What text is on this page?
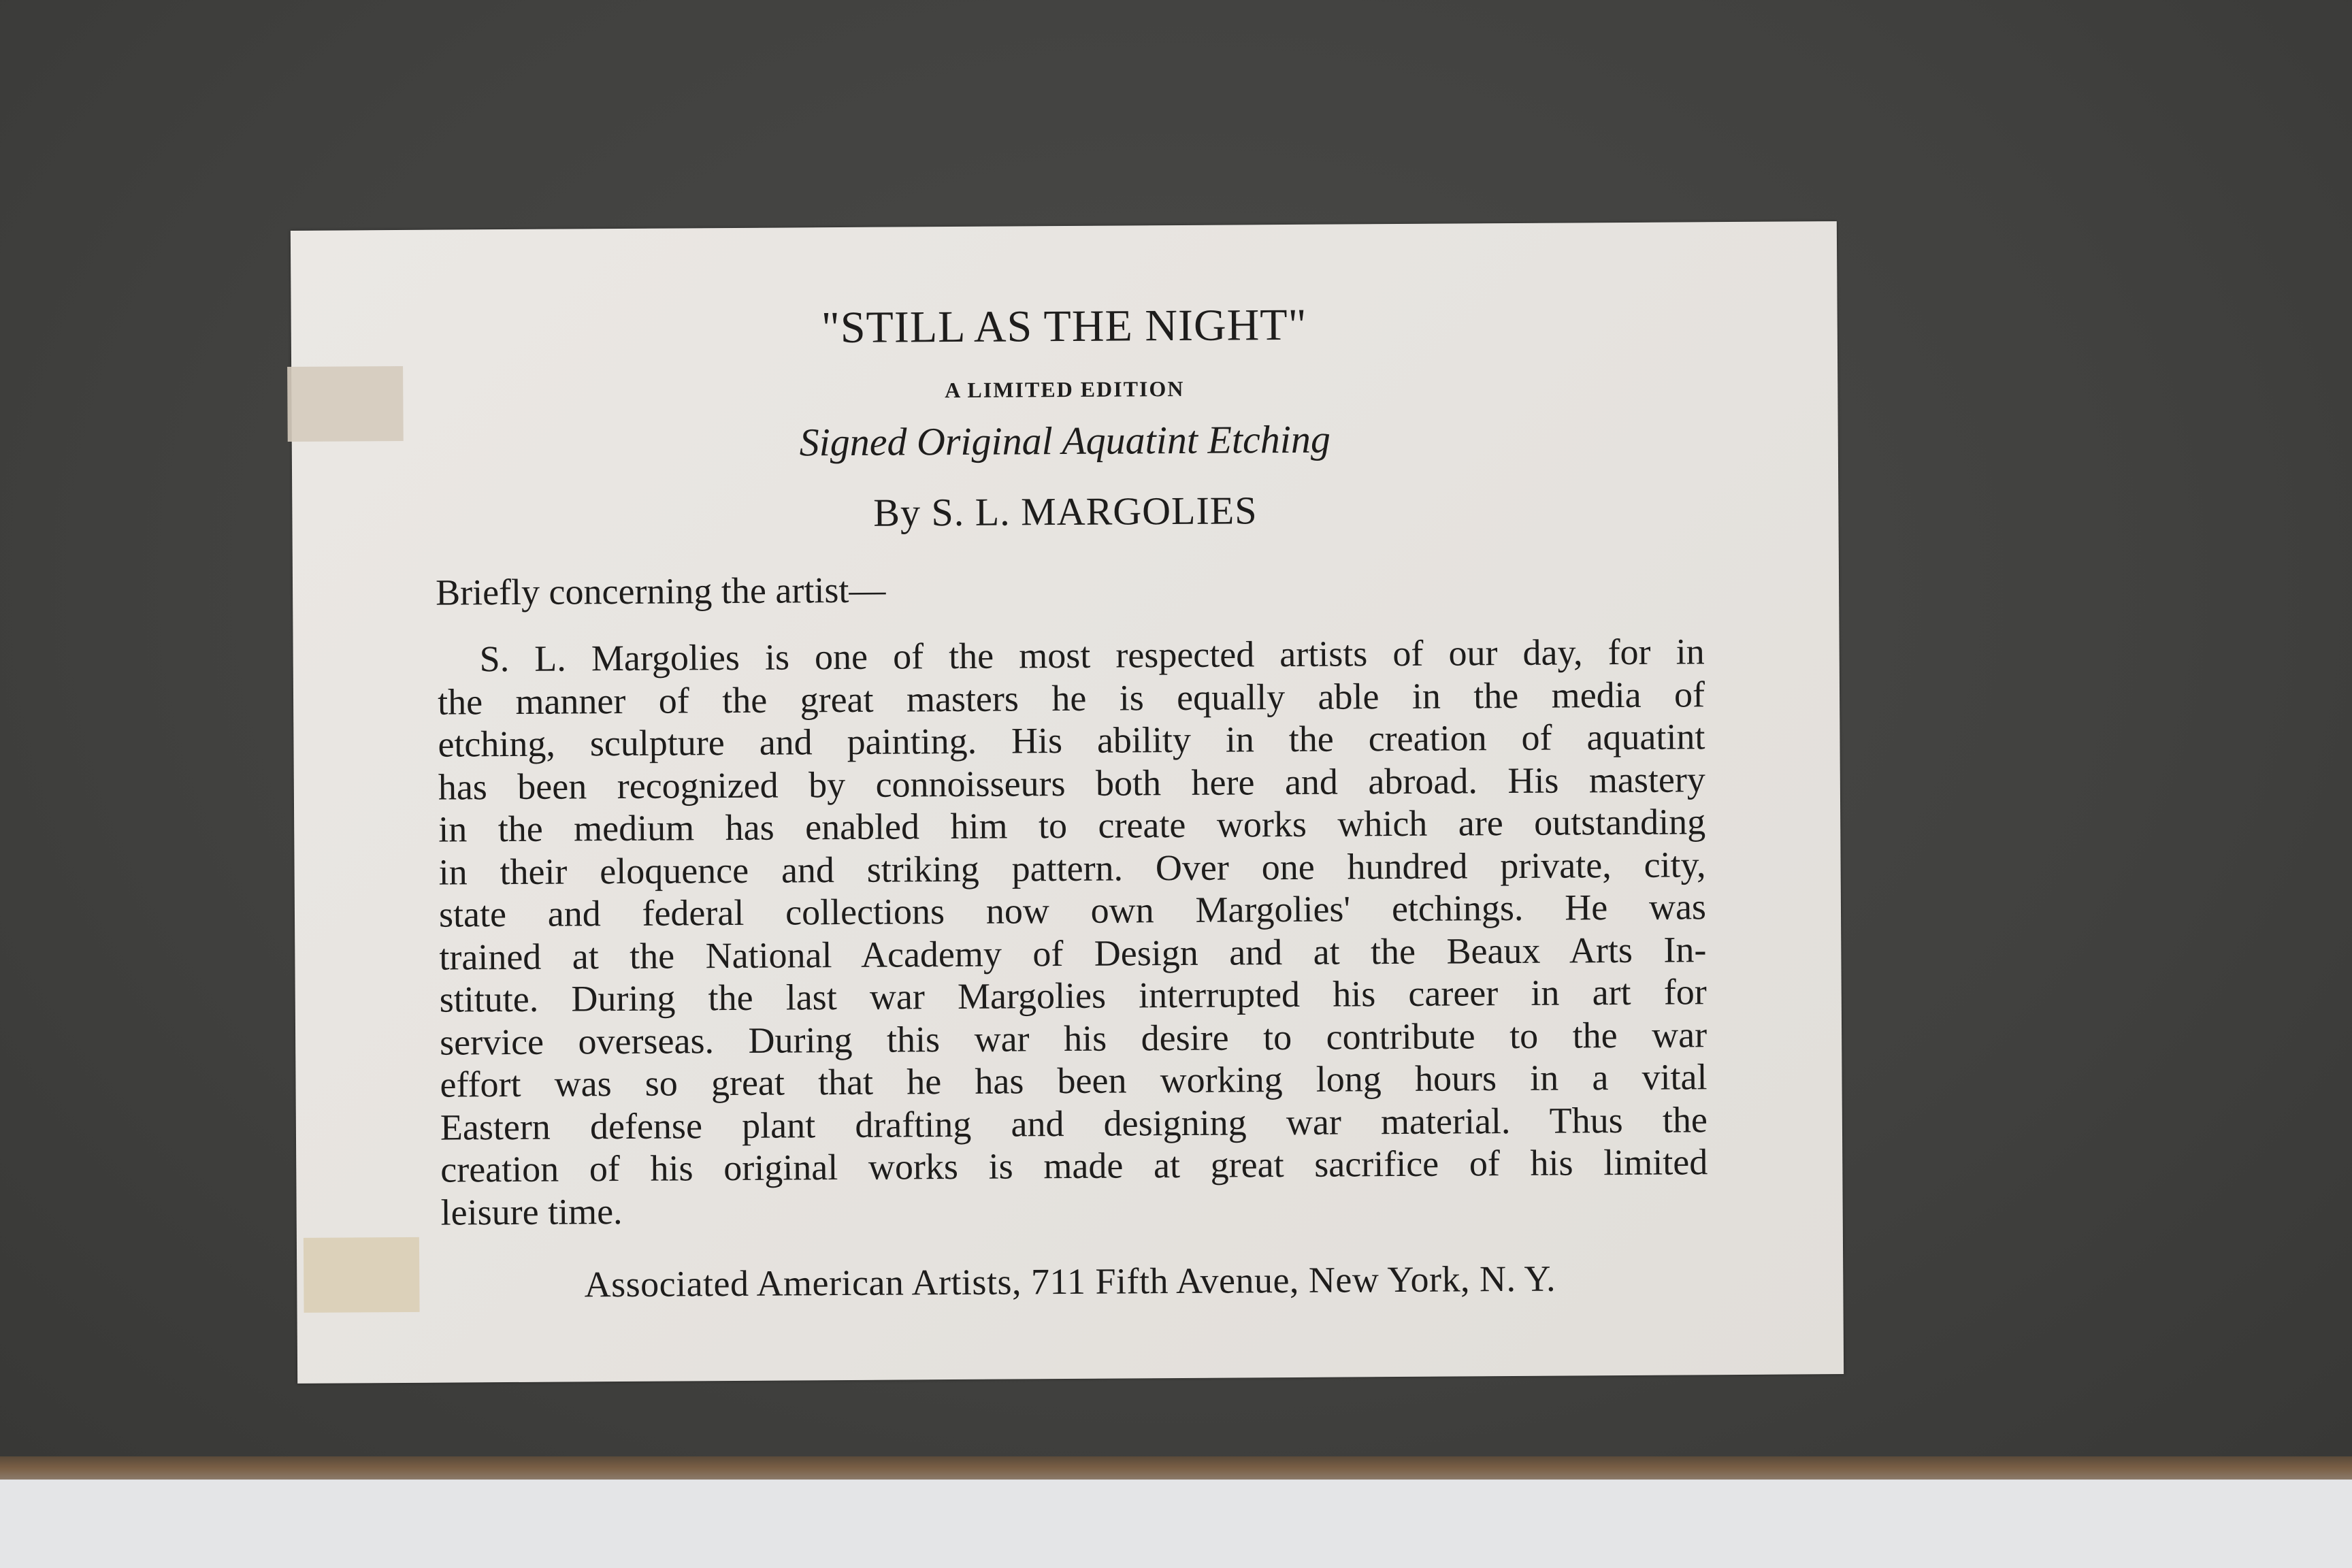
"STILL AS THE NIGHT"
A LIMITED EDITION
Signed Original Aquatint Etching
By S. L. MARGOLIES
Briefly concerning the artist—
S. L. Margolies is one of the most respected artists of our day, for in
the manner of the great masters he is equally able in the media of
etching, sculpture and painting. His ability in the creation of aquatint
has been recognized by connoisseurs both here and abroad. His mastery
in the medium has enabled him to create works which are outstanding
in their eloquence and striking pattern. Over one hundred private, city,
state and federal collections now own Margolies' etchings. He was
trained at the National Academy of Design and at the Beaux Arts In-
stitute. During the last war Margolies interrupted his career in art for
service overseas. During this war his desire to contribute to the war
effort was so great that he has been working long hours in a vital
Eastern defense plant drafting and designing war material. Thus the
creation of his original works is made at great sacrifice of his limited
leisure time.
Associated American Artists, 711 Fifth Avenue, New York, N. Y.
